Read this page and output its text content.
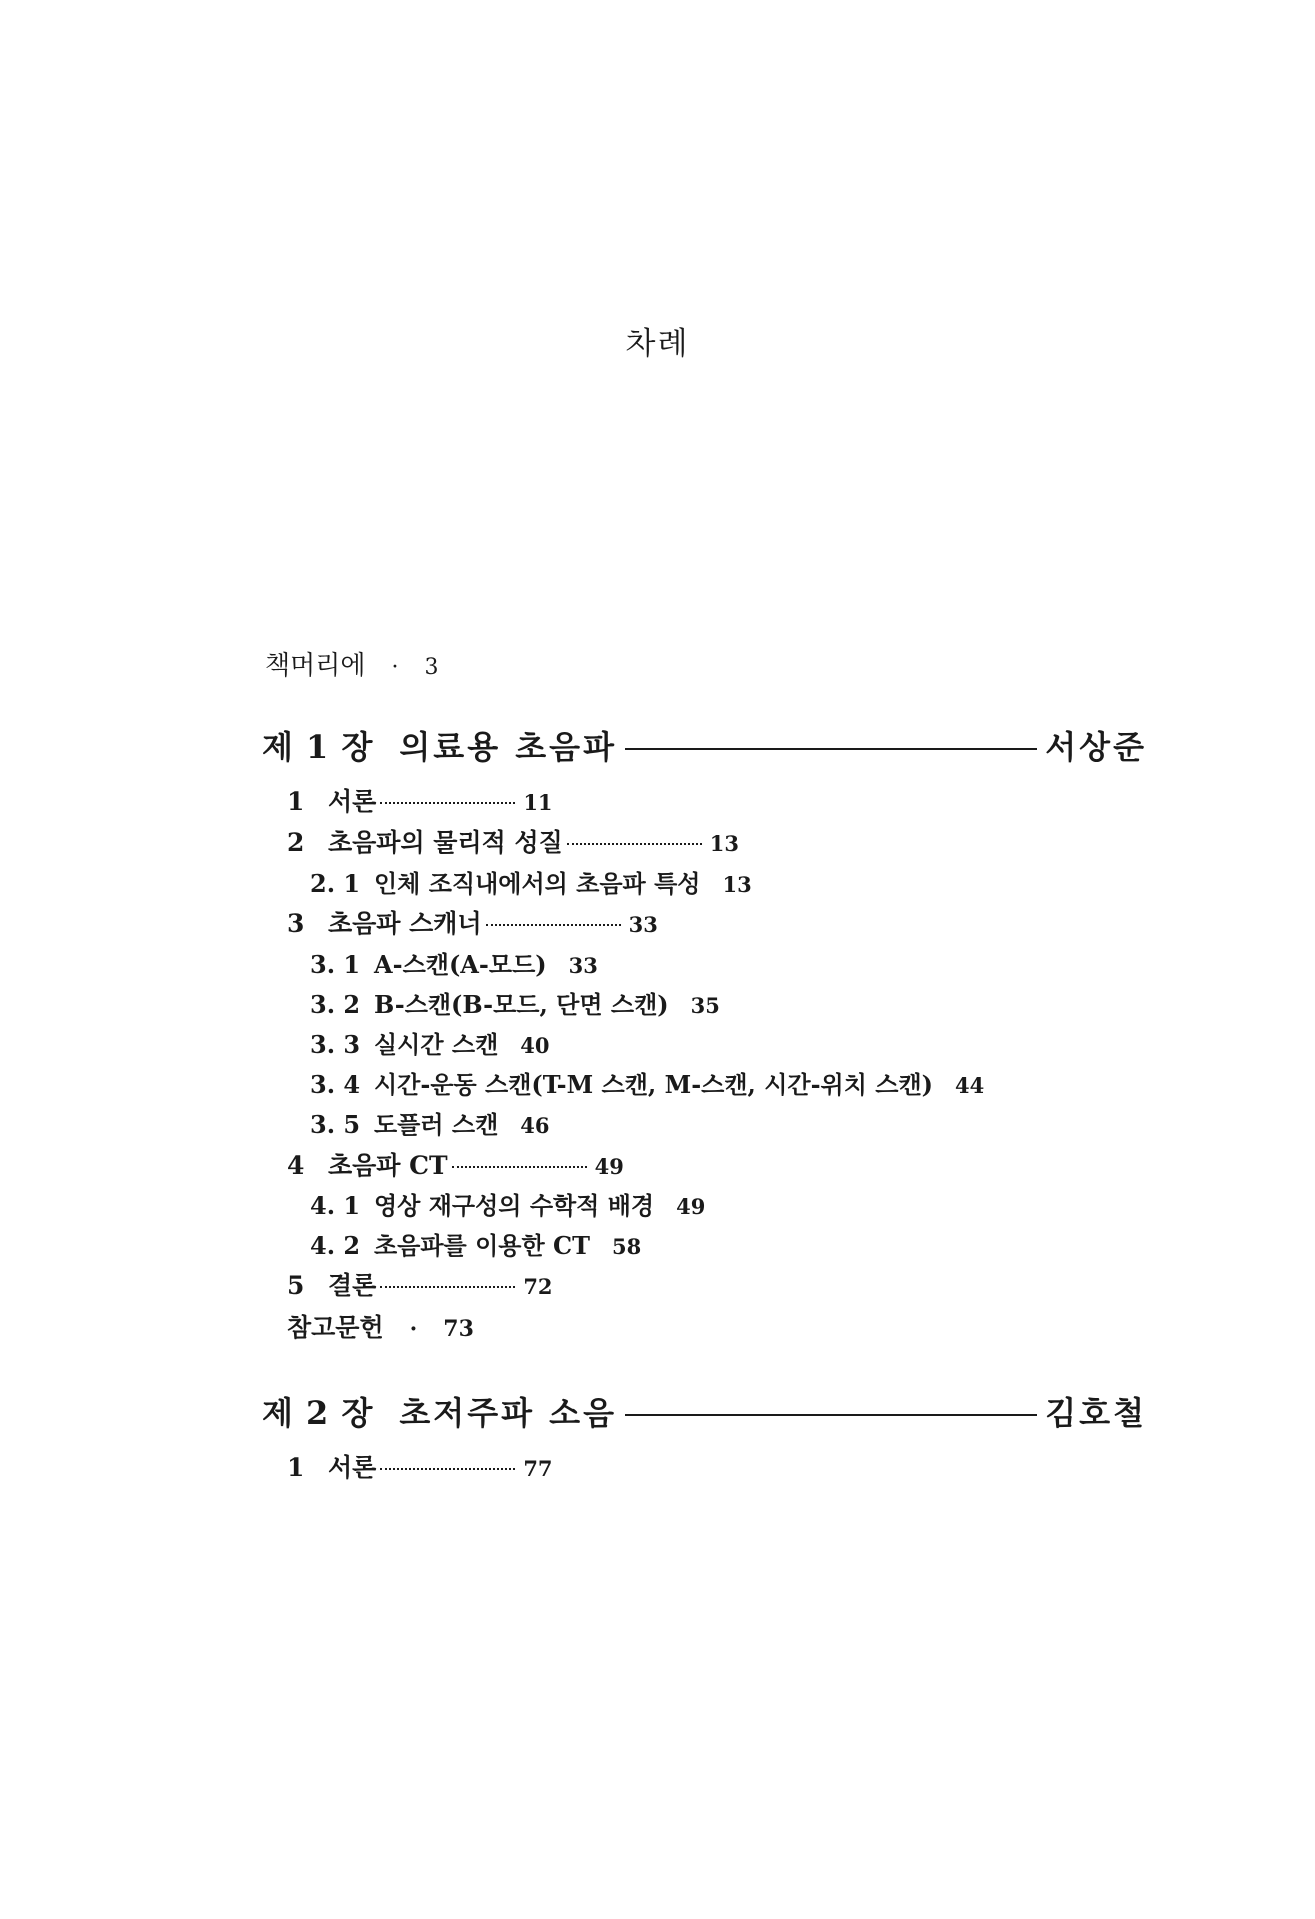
차례
책머리에 · 3
제 1 장 의료용 초음파	서상준
1 서론	11
2 초음파의 물리적 성질	13
2. 1 인체 조직내에서의 초음파 특성 13
3 초음파 스캐너	33
3. 1 A-스캔(A-모드) 33
3. 2 B-스캔(B-모드, 단면 스캔) 35
3. 3 실시간 스캔 40
3. 4 시간-운동 스캔(T-M 스캔, M-스캔, 시간-위치 스캔) 44
3. 5 도플러 스캔 46
4 초음파 CT	49
4. 1 영상 재구성의 수학적 배경 49
4. 2 초음파를 이용한 CT 58
5 결론	72
참고문헌 · 73
제 2 장 초저주파 소음	김호철
1 서론	77
